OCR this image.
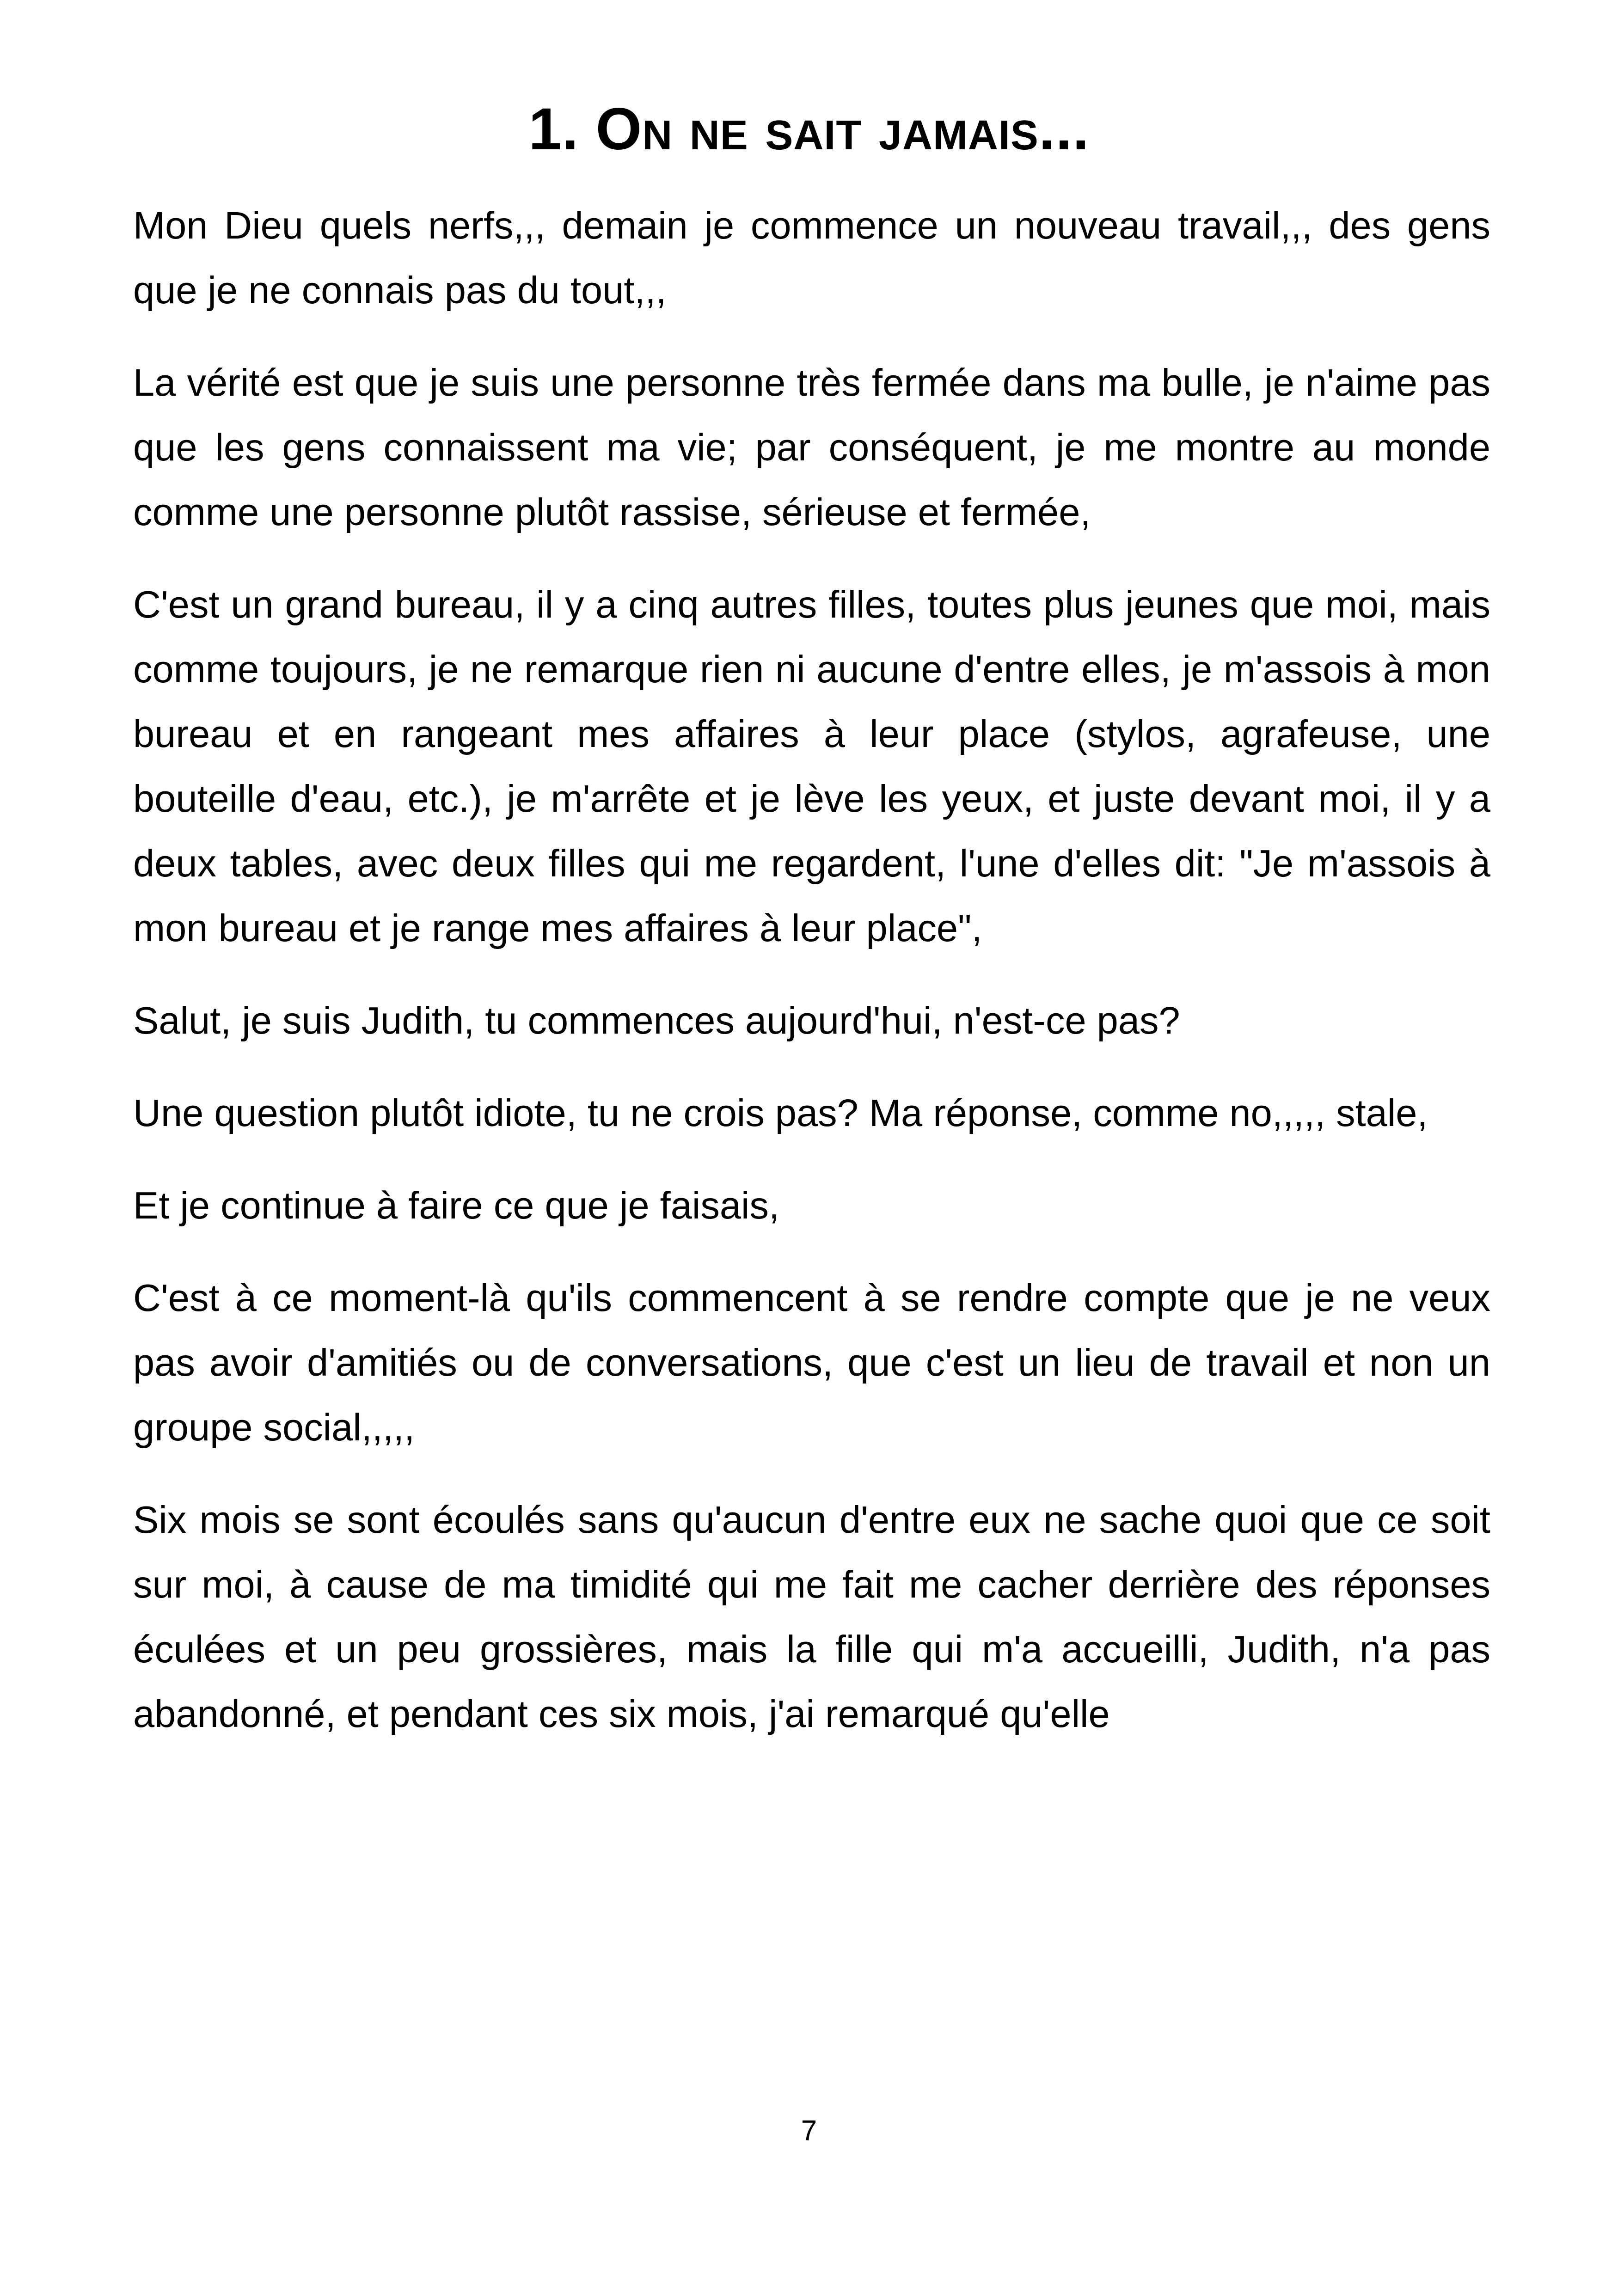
1. On ne sait jamais...

Mon Dieu quels nerfs,,, demain je commence un nouveau travail,,, des gens que je ne connais pas du tout,,,

La vérité est que je suis une personne très fermée dans ma bulle, je n'aime pas que les gens connaissent ma vie; par conséquent, je me montre au monde comme une personne plutôt rassise, sérieuse et fermée,

C'est un grand bureau, il y a cinq autres filles, toutes plus jeunes que moi, mais comme toujours, je ne remarque rien ni aucune d'entre elles, je m'assois à mon bureau et en rangeant mes affaires à leur place (stylos, agrafeuse, une bouteille d'eau, etc.), je m'arrête et je lève les yeux, et juste devant moi, il y a deux tables, avec deux filles qui me regardent, l'une d'elles dit: "Je m'assois à mon bureau et je range mes affaires à leur place",

Salut, je suis Judith, tu commences aujourd'hui, n'est-ce pas?

Une question plutôt idiote, tu ne crois pas? Ma réponse, comme no,,,,, stale,

Et je continue à faire ce que je faisais,

C'est à ce moment-là qu'ils commencent à se rendre compte que je ne veux pas avoir d'amitiés ou de conversations, que c'est un lieu de travail et non un groupe social,,,,,

Six mois se sont écoulés sans qu'aucun d'entre eux ne sache quoi que ce soit sur moi, à cause de ma timidité qui me fait me cacher derrière des réponses éculées et un peu grossières, mais la fille qui m'a accueilli, Judith, n'a pas abandonné, et pendant ces six mois, j'ai remarqué qu'elle

7
